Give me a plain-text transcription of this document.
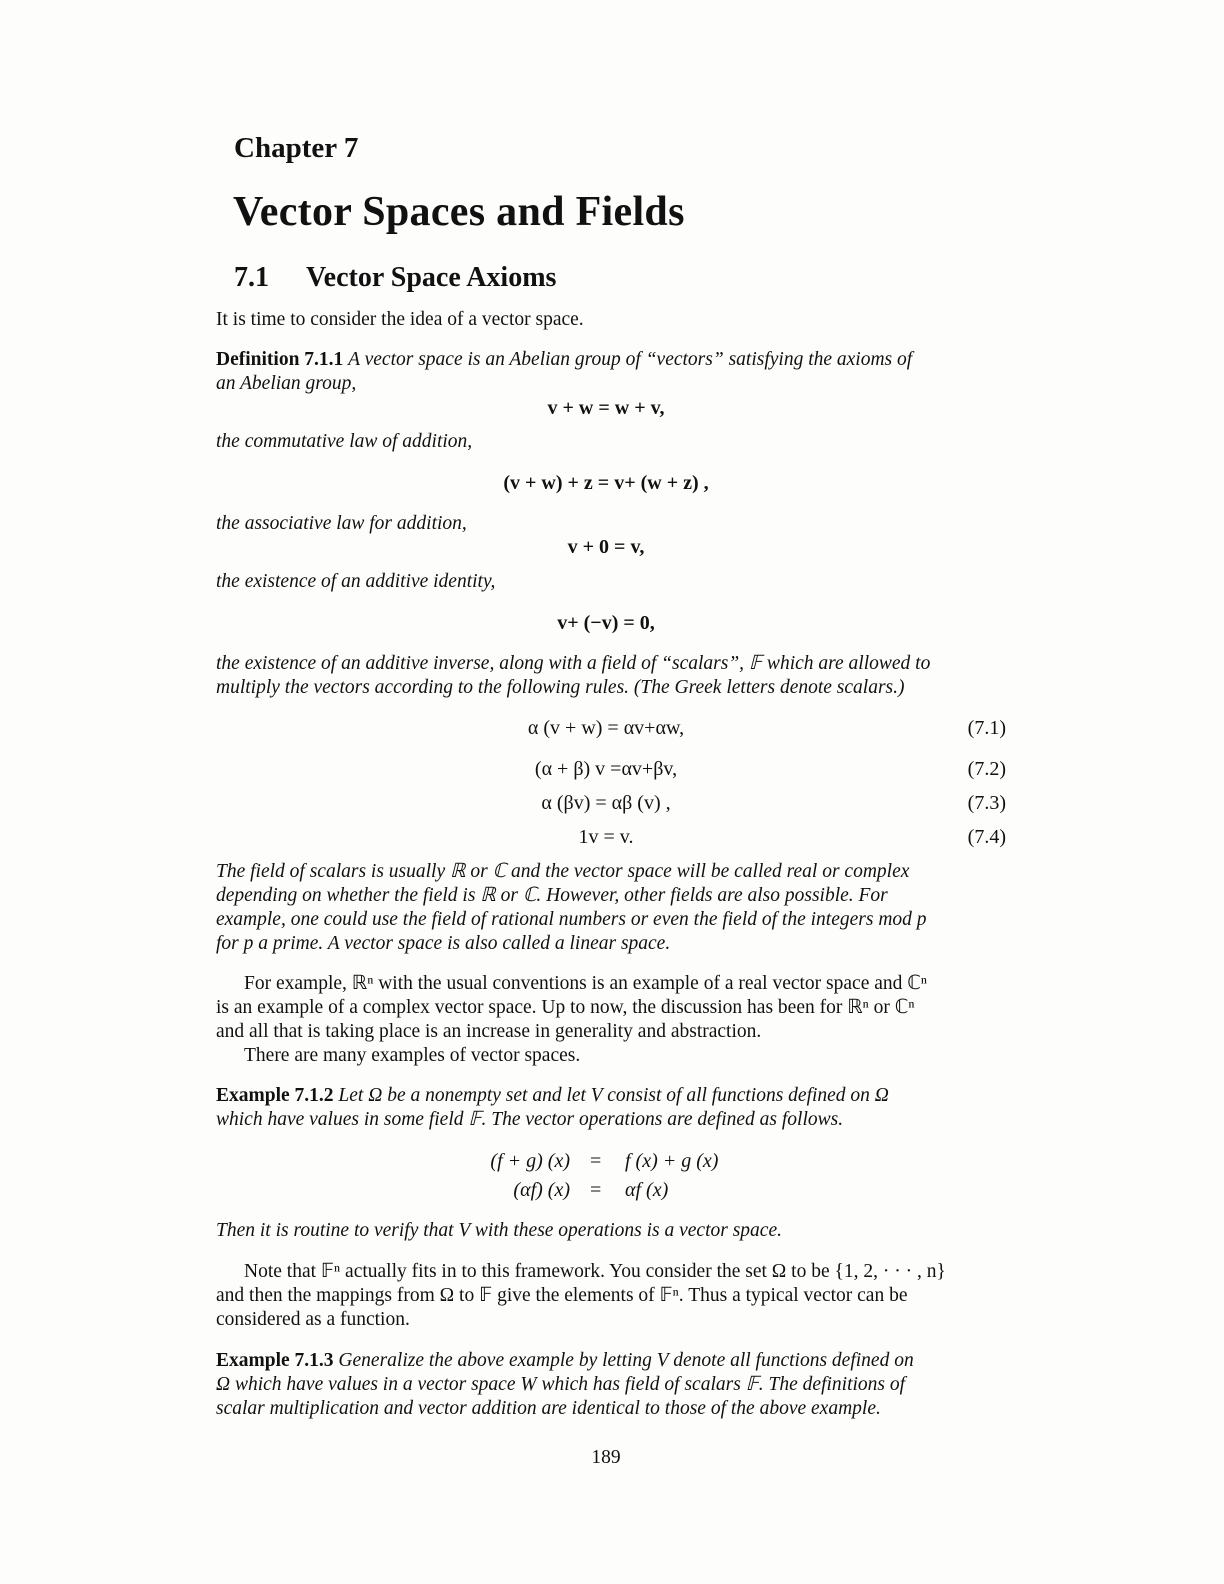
Chapter 7
Vector Spaces and Fields
7.1 Vector Space Axioms
It is time to consider the idea of a vector space.
Definition 7.1.1 A vector space is an Abelian group of “vectors” satisfying the axioms of
an Abelian group,
v + w = w + v,
the commutative law of addition,
(v + w) + z = v+ (w + z) ,
the associative law for addition,
v + 0 = v,
the existence of an additive identity,
v+ (−v) = 0,
the existence of an additive inverse, along with a field of “scalars”, 𝔽 which are allowed to
multiply the vectors according to the following rules. (The Greek letters denote scalars.)
α (v + w) = αv+αw,	(7.1)
(α + β) v =αv+βv,	(7.2)
α (βv) = αβ (v) ,	(7.3)
1v = v.	(7.4)
The field of scalars is usually ℝ or ℂ and the vector space will be called real or complex
depending on whether the field is ℝ or ℂ. However, other fields are also possible. For
example, one could use the field of rational numbers or even the field of the integers mod p
for p a prime. A vector space is also called a linear space.
For example, ℝⁿ with the usual conventions is an example of a real vector space and ℂⁿ
is an example of a complex vector space. Up to now, the discussion has been for ℝⁿ or ℂⁿ
and all that is taking place is an increase in generality and abstraction.
There are many examples of vector spaces.
Example 7.1.2 Let Ω be a nonempty set and let V consist of all functions defined on Ω
which have values in some field 𝔽. The vector operations are defined as follows.
(f + g) (x) = f (x) + g (x)
(αf) (x) = αf (x)
Then it is routine to verify that V with these operations is a vector space.
Note that 𝔽ⁿ actually fits in to this framework. You consider the set Ω to be {1, 2, · · · , n}
and then the mappings from Ω to 𝔽 give the elements of 𝔽ⁿ. Thus a typical vector can be
considered as a function.
Example 7.1.3 Generalize the above example by letting V denote all functions defined on
Ω which have values in a vector space W which has field of scalars 𝔽. The definitions of
scalar multiplication and vector addition are identical to those of the above example.
189
